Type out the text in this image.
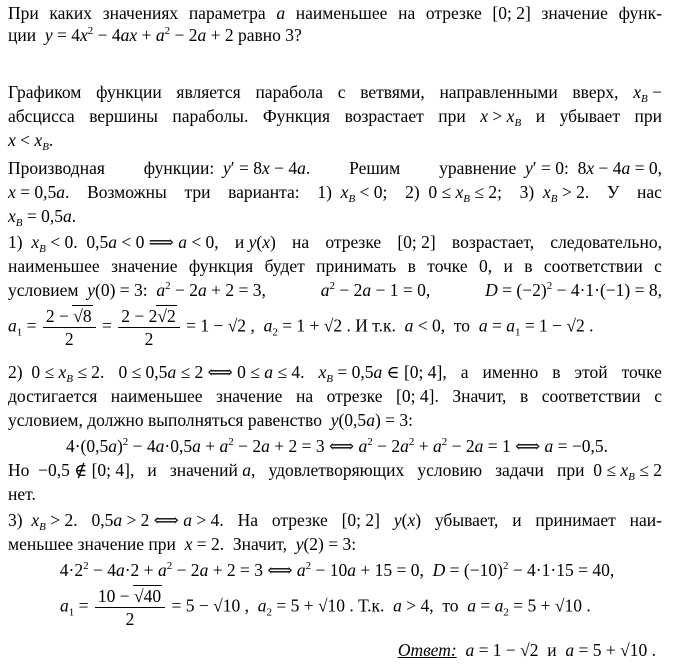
При каких значениях параметра a наименьшее на отрезке [0; 2] значение функ-
ции  $y = 4x^2 - 4ax + a^2 - 2a + 2$ равно 3?
Графиком функции является парабола с ветвями, направленными вверх, $x_B$ −
абсцисса вершины параболы. Функция возрастает при $x > x_B$ и убывает при
$x < x_B$.
Производная функции:  y′ = 8x − 4a. Решим уравнение  y′ = 0:  8x − 4a = 0,
x = 0,5a. Возможны три варианта: 1)  $x_B < 0$; 2)  $0 \le x_B \le 2$; 3)  $x_B > 2$. У нас
$x_B = 0,5a$.
1)  $x_B < 0$.  0,5a < 0 ⟹ a < 0, и y(x) на отрезке [0; 2] возрастает, следовательно,
наименьшее значение функция будет принимать в точке 0, и в соответствии с
условием  y(0) = 3:  $a^2 - 2a + 2 = 3$,	$a^2 - 2a - 1 = 0$,	$D = (-2)^2 - 4\cdot 1\cdot(-1) = 8$,
$a_1 = \frac{2 - √8}{2} = \frac{2 - 2√2}{2} = 1 - √2$ ,  $a_2 = 1 + √2$ . И т.к.  a < 0,  то  $a = a_1 = 1 - √2$ .
2)  $0 \le x_B \le 2$. 0 ≤ 0,5a ≤ 2 ⟺ 0 ≤ a ≤ 4. $x_B = 0,5a$ ∈ [0; 4], а именно в этой точке
достигается наименьшее значение на отрезке [0; 4]. Значит, в соответствии с
условием, должно выполняться равенство  y(0,5a) = 3:
$4\cdot(0,5a)^2 - 4a\cdot 0,5a + a^2 - 2a + 2 = 3$ ⟺ $a^2 - 2a^2 + a^2 - 2a = 1$ ⟺ a = −0,5.
Но  −0,5 ∉ [0; 4], и значений a, удовлетворяющих условию задачи при  $0 \le x_B \le 2$
нет.
3)  $x_B > 2$. 0,5a > 2 ⟺ a > 4. На отрезке [0; 2] y(x) убывает, и принимает наи-
меньшее значение при  x = 2.  Значит,  y(2) = 3:
$4\cdot 2^2 - 4a\cdot 2 + a^2 - 2a + 2 = 3$ ⟺ $a^2 - 10a + 15 = 0$,  $D = (-10)^2 - 4\cdot 1\cdot 15 = 40$,
$a_1 = \frac{10 - √40}{2} = 5 - √10$ ,  $a_2 = 5 + √10$ . Т.к.  a > 4,  то  $a = a_2 = 5 + √10$ .
Ответ: a = 1 − √2  и  a = 5 + √10 .
